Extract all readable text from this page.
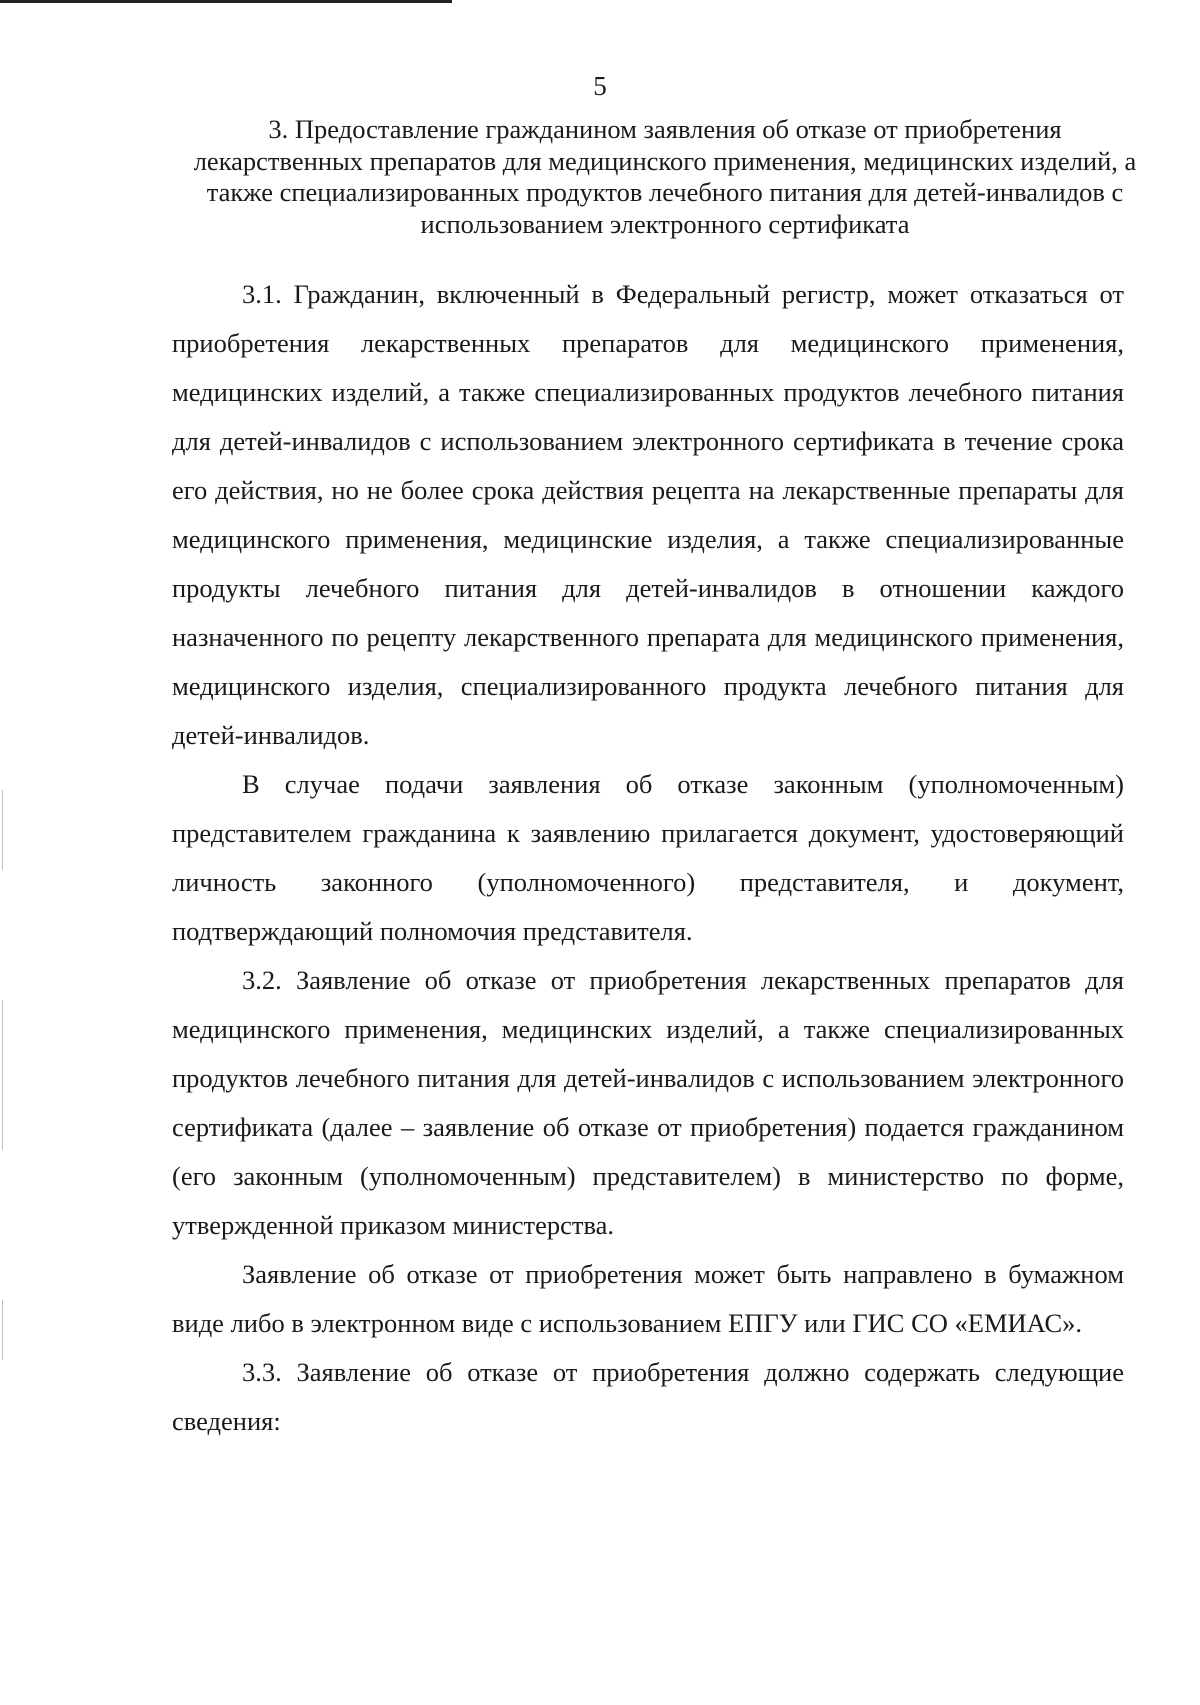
5
3. Предоставление гражданином заявления об отказе от приобретения лекарственных препаратов для медицинского применения, медицинских изделий, а также специализированных продуктов лечебного питания для детей-инвалидов с использованием электронного сертификата

3.1. Гражданин, включенный в Федеральный регистр, может отказаться от приобретения лекарственных препаратов для медицинского применения, медицинских изделий, а также специализированных продуктов лечебного питания для детей-инвалидов с использованием электронного сертификата в течение срока его действия, но не более срока действия рецепта на лекарственные препараты для медицинского применения, медицинские изделия, а также специализированные продукты лечебного питания для детей-инвалидов в отношении каждого назначенного по рецепту лекарственного препарата для медицинского применения, медицинского изделия, специализированного продукта лечебного питания для детей-инвалидов.

В случае подачи заявления об отказе законным (уполномоченным) представителем гражданина к заявлению прилагается документ, удостоверяющий личность законного (уполномоченного) представителя, и документ, подтверждающий полномочия представителя.

3.2. Заявление об отказе от приобретения лекарственных препаратов для медицинского применения, медицинских изделий, а также специализированных продуктов лечебного питания для детей-инвалидов с использованием электронного сертификата (далее – заявление об отказе от приобретения) подается гражданином (его законным (уполномоченным) представителем) в министерство по форме, утвержденной приказом министерства.

Заявление об отказе от приобретения может быть направлено в бумажном виде либо в электронном виде с использованием ЕПГУ или ГИС СО «ЕМИАС».

3.3. Заявление об отказе от приобретения должно содержать следующие сведения:
